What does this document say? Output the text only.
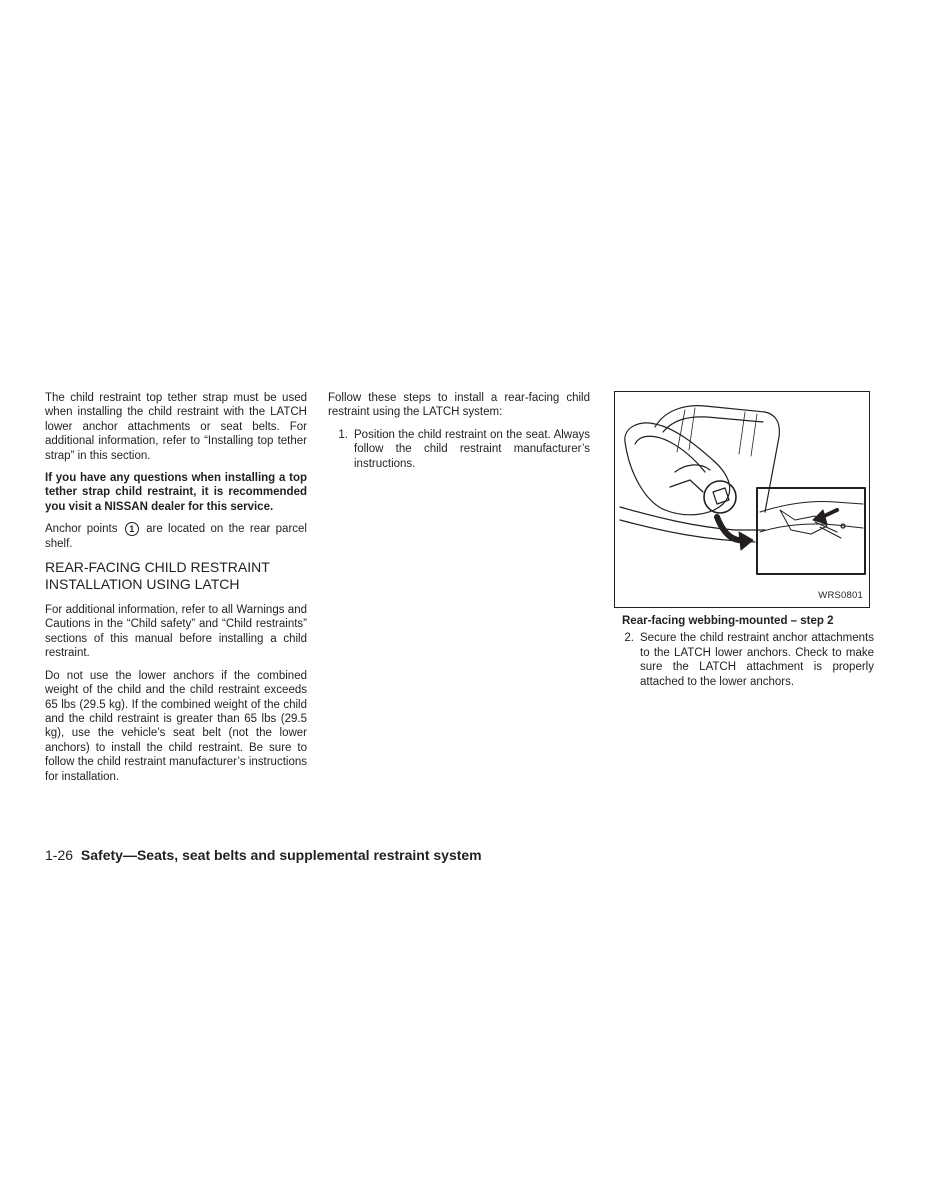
The child restraint top tether strap must be used when installing the child restraint with the LATCH lower anchor attachments or seat belts. For additional information, refer to “Installing top tether strap” in this section.

If you have any questions when installing a top tether strap child restraint, it is recommended you visit a NISSAN dealer for this service.

Anchor points 1 are located on the rear parcel shelf.

REAR-FACING CHILD RESTRAINT INSTALLATION USING LATCH

For additional information, refer to all Warnings and Cautions in the “Child safety” and “Child restraints” sections of this manual before installing a child restraint.

Do not use the lower anchors if the combined weight of the child and the child restraint exceeds 65 lbs (29.5 kg). If the combined weight of the child and the child restraint is greater than 65 lbs (29.5 kg), use the vehicle’s seat belt (not the lower anchors) to install the child restraint. Be sure to follow the child restraint manufacturer’s instructions for installation.

Follow these steps to install a rear-facing child restraint using the LATCH system:

1. Position the child restraint on the seat. Always follow the child restraint manufacturer’s instructions.
WRS0801
Rear-facing webbing-mounted – step 2
2. Secure the child restraint anchor attachments to the LATCH lower anchors. Check to make sure the LATCH attachment is properly attached to the lower anchors.
1-26 Safety—Seats, seat belts and supplemental restraint system
